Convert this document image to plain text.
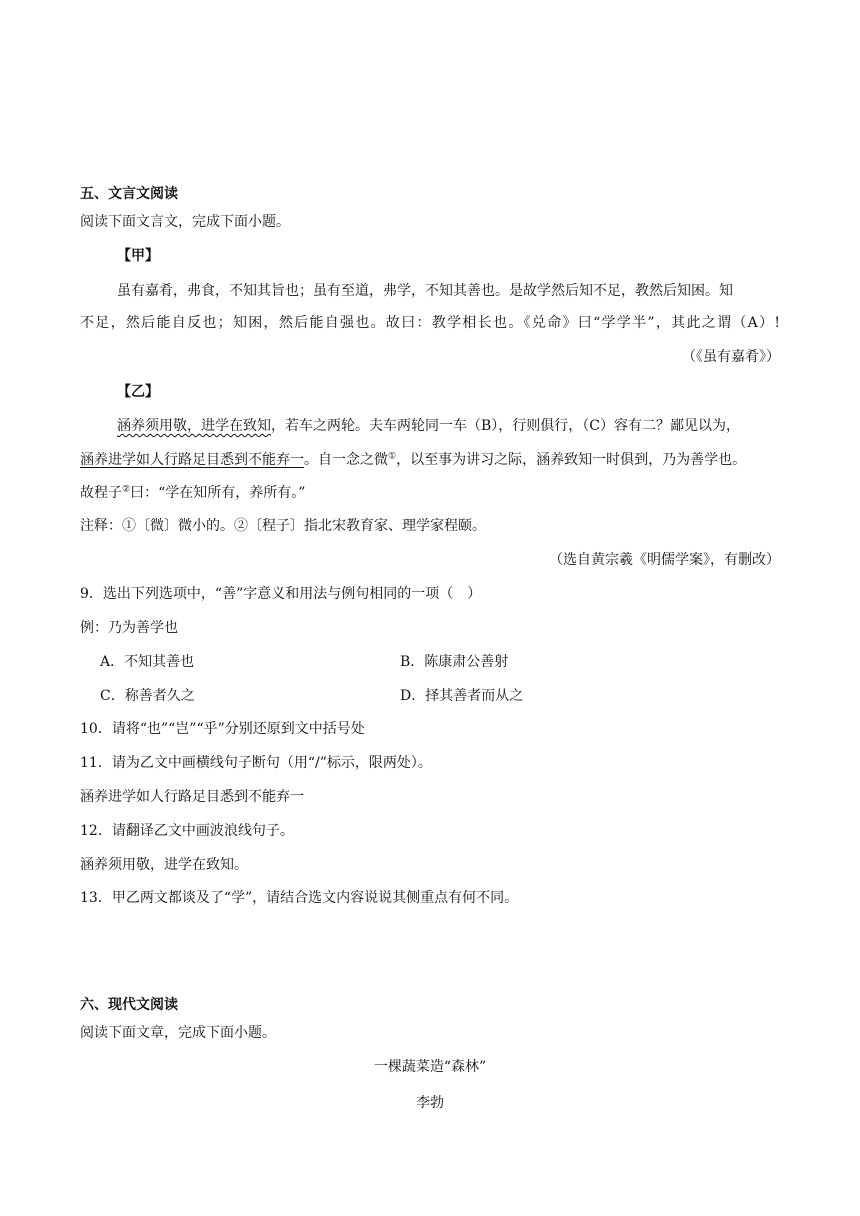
五、文言文阅读
阅读下面文言文，完成下面小题。
【甲】
虽有嘉肴，弗食，不知其旨也；虽有至道，弗学，不知其善也。是故学然后知不足，教然后知困。知
不足，然后能自反也；知困，然后能自强也。故曰：教学相长也。《兑命》曰“学学半”，其此之谓（A）!
（《虽有嘉肴》）
【乙】
涵养须用敬，进学在致知，若车之两轮。夫车两轮同一车（B），行则俱行，（C）容有二？鄙见以为，
涵养进学如人行路足目悉到不能弃一。自一念之微①，以至事为讲习之际，涵养致知一时俱到，乃为善学也。
故程子②曰：“学在知所有，养所有。”
注释：①〔微〕微小的。②〔程子〕指北宋教育家、理学家程颐。
（选自黄宗羲《明儒学案》，有删改）
9．选出下列选项中，“善”字意义和用法与例句相同的一项（　）
例：乃为善学也
A．不知其善也	B．陈康肃公善射
C．称善者久之	D．择其善者而从之
10．请将“也”“岂”“乎”分别还原到文中括号处
11．请为乙文中画横线句子断句（用“/”标示，限两处）。
涵养进学如人行路足目悉到不能弃一
12．请翻译乙文中画波浪线句子。
涵养须用敬，进学在致知。
13．甲乙两文都谈及了“学”，请结合选文内容说说其侧重点有何不同。
六、现代文阅读
阅读下面文章，完成下面小题。
一棵蔬菜造“森林”
李勃
